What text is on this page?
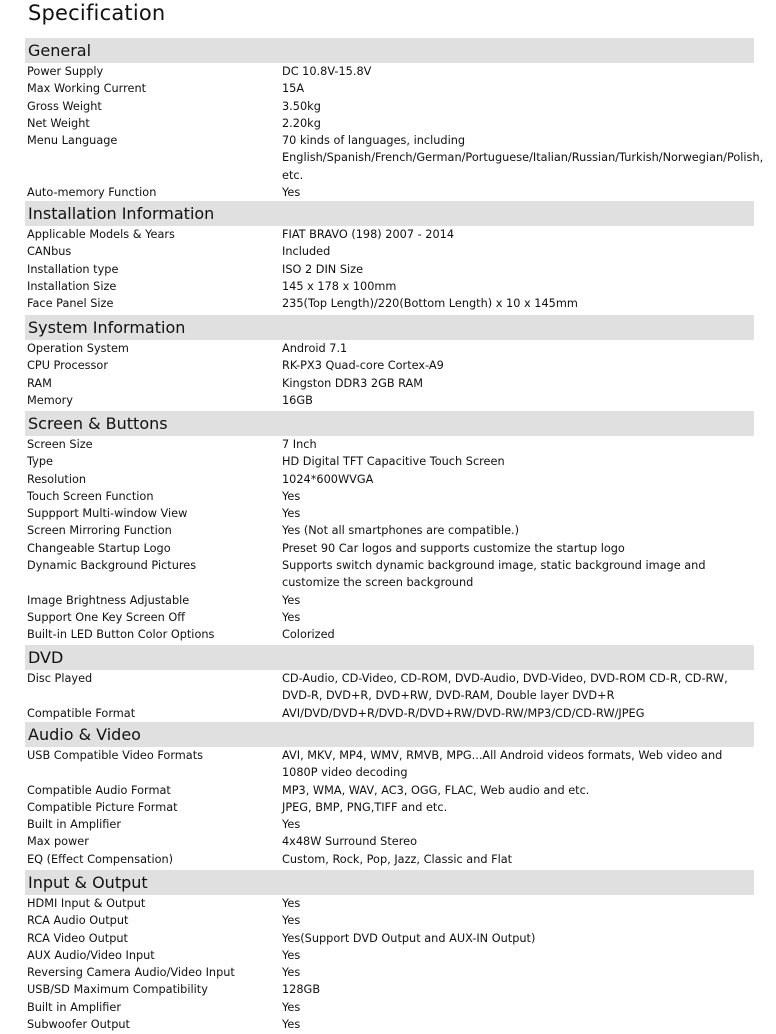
Specification
General
Power Supply	DC 10.8V-15.8V
Max Working Current	15A
Gross Weight	3.50kg
Net Weight	2.20kg
Menu Language	70 kinds of languages, including English/Spanish/French/German/Portuguese/Italian/Russian/Turkish/Norwegian/Polish, etc.
Auto-memory Function	Yes
Installation Information
Applicable Models & Years	FIAT BRAVO (198) 2007 - 2014
CANbus	Included
Installation type	ISO 2 DIN Size
Installation Size	145 x 178 x 100mm
Face Panel Size	235(Top Length)/220(Bottom Length) x 10 x 145mm
System Information
Operation System	Android 7.1
CPU Processor	RK-PX3 Quad-core Cortex-A9
RAM	Kingston DDR3 2GB RAM
Memory	16GB
Screen & Buttons
Screen Size	7 Inch
Type	HD Digital TFT Capacitive Touch Screen
Resolution	1024*600WVGA
Touch Screen Function	Yes
Suppport Multi-window View	Yes
Screen Mirroring Function	Yes (Not all smartphones are compatible.)
Changeable Startup Logo	Preset 90 Car logos and supports customize the startup logo
Dynamic Background Pictures	Supports switch dynamic background image, static background image and customize the screen background
Image Brightness Adjustable	Yes
Support One Key Screen Off	Yes
Built-in LED Button Color Options	Colorized
DVD
Disc Played	CD-Audio, CD-Video, CD-ROM, DVD-Audio, DVD-Video, DVD-ROM CD-R, CD-RW, DVD-R, DVD+R, DVD+RW, DVD-RAM, Double layer DVD+R
Compatible Format	AVI/DVD/DVD+R/DVD-R/DVD+RW/DVD-RW/MP3/CD/CD-RW/JPEG
Audio & Video
USB Compatible Video Formats	AVI, MKV, MP4, WMV, RMVB, MPG...All Android videos formats, Web video and 1080P video decoding
Compatible Audio Format	MP3, WMA, WAV, AC3, OGG, FLAC, Web audio and etc.
Compatible Picture Format	JPEG, BMP, PNG,TIFF and etc.
Built in Amplifier	Yes
Max power	4x48W Surround Stereo
EQ (Effect Compensation)	Custom, Rock, Pop, Jazz, Classic and Flat
Input & Output
HDMI Input & Output	Yes
RCA Audio Output	Yes
RCA Video Output	Yes(Support DVD Output and AUX-IN Output)
AUX Audio/Video Input	Yes
Reversing Camera Audio/Video Input	Yes
USB/SD Maximum Compatibility	128GB
Built in Amplifier	Yes
Subwoofer Output	Yes
